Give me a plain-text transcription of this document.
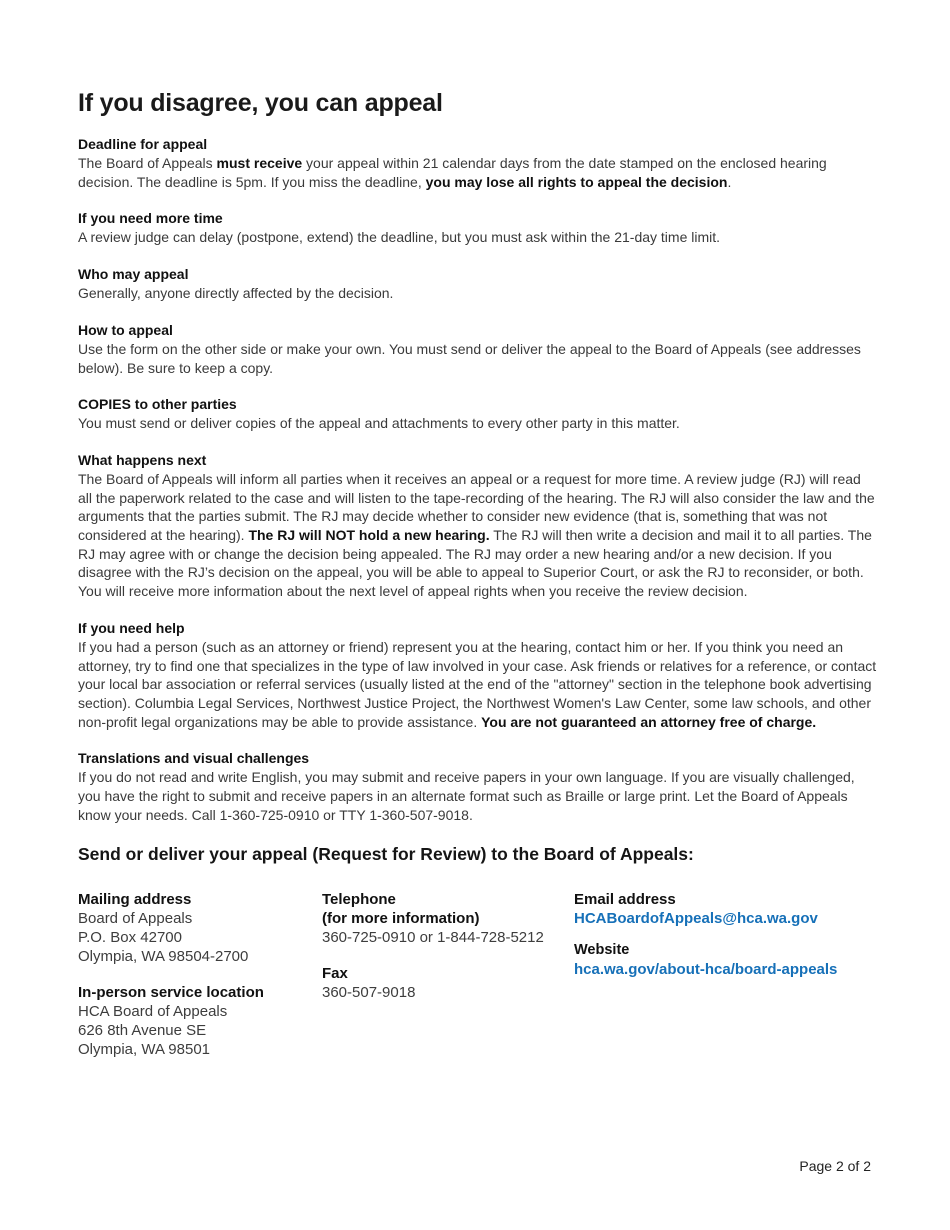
If you disagree, you can appeal
Deadline for appeal

The Board of Appeals must receive your appeal within 21 calendar days from the date stamped on the enclosed hearing decision. The deadline is 5pm. If you miss the deadline, you may lose all rights to appeal the decision.

If you need more time

A review judge can delay (postpone, extend) the deadline, but you must ask within the 21-day time limit.

Who may appeal

Generally, anyone directly affected by the decision.

How to appeal

Use the form on the other side or make your own. You must send or deliver the appeal to the Board of Appeals (see addresses below). Be sure to keep a copy.

COPIES to other parties

You must send or deliver copies of the appeal and attachments to every other party in this matter.

What happens next

The Board of Appeals will inform all parties when it receives an appeal or a request for more time. A review judge (RJ) will read all the paperwork related to the case and will listen to the tape-recording of the hearing. The RJ will also consider the law and the arguments that the parties submit. The RJ may decide whether to consider new evidence (that is, something that was not considered at the hearing). The RJ will NOT hold a new hearing. The RJ will then write a decision and mail it to all parties. The RJ may agree with or change the decision being appealed. The RJ may order a new hearing and/or a new decision. If you disagree with the RJ’s decision on the appeal, you will be able to appeal to Superior Court, or ask the RJ to reconsider, or both. You will receive more information about the next level of appeal rights when you receive the review decision.

If you need help

If you had a person (such as an attorney or friend) represent you at the hearing, contact him or her. If you think you need an attorney, try to find one that specializes in the type of law involved in your case. Ask friends or relatives for a reference, or contact your local bar association or referral services (usually listed at the end of the "attorney" section in the telephone book advertising section). Columbia Legal Services, Northwest Justice Project, the Northwest Women's Law Center, some law schools, and other non-profit legal organizations may be able to provide assistance. You are not guaranteed an attorney free of charge.

Translations and visual challenges

If you do not read and write English, you may submit and receive papers in your own language. If you are visually challenged, you have the right to submit and receive papers in an alternate format such as Braille or large print. Let the Board of Appeals know your needs. Call 1-360-725-0910 or TTY 1-360-507-9018.

Send or deliver your appeal (Request for Review) to the Board of Appeals:

Mailing address

Board of Appeals

P.O. Box 42700

Olympia, WA 98504-2700

In-person service location

HCA Board of Appeals

626 8th Avenue SE

Olympia, WA 98501

Telephone

(for more information)

360-725-0910 or 1-844-728-5212

Fax

360-507-9018

Email address

HCABoardofAppeals@hca.wa.gov

Website

hca.wa.gov/about-hca/board-appeals

Page 2 of 2
